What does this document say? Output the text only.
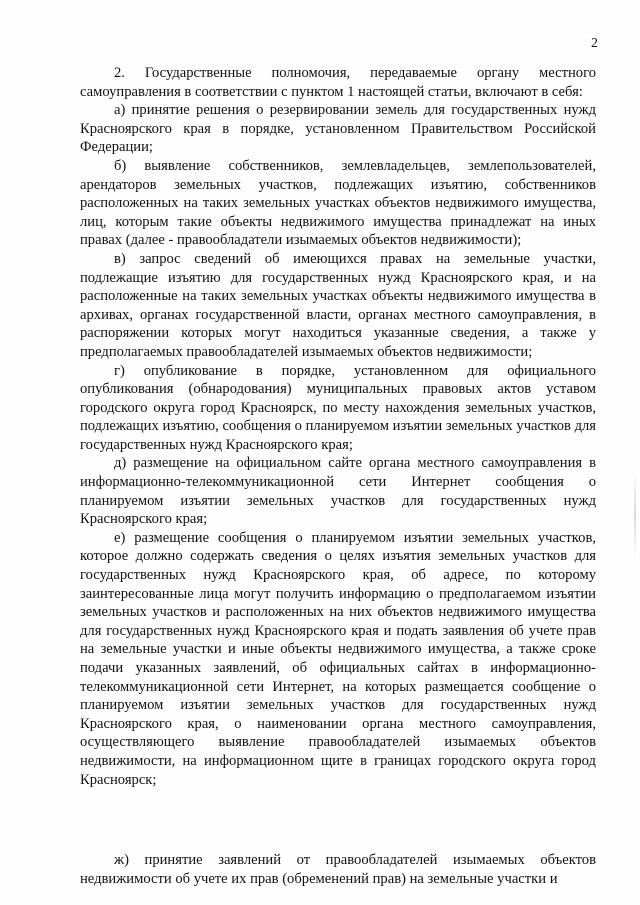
2

2. Государственные полномочия, передаваемые органу местного самоуправления в соответствии с пунктом 1 настоящей статьи, включают в себя:

а) принятие решения о резервировании земель для государственных нужд Красноярского края в порядке, установленном Правительством Российской Федерации;

б) выявление собственников, землевладельцев, землепользователей, арендаторов земельных участков, подлежащих изъятию, собственников расположенных на таких земельных участках объектов недвижимого имущества, лиц, которым такие объекты недвижимого имущества принадлежат на иных правах (далее - правообладатели изымаемых объектов недвижимости);

в) запрос сведений об имеющихся правах на земельные участки, подлежащие изъятию для государственных нужд Красноярского края, и на расположенные на таких земельных участках объекты недвижимого имущества в архивах, органах государственной власти, органах местного самоуправления, в распоряжении которых могут находиться указанные сведения, а также у предполагаемых правообладателей изымаемых объектов недвижимости;

г) опубликование в порядке, установленном для официального опубликования (обнародования) муниципальных правовых актов уставом городского округа город Красноярск, по месту нахождения земельных участков, подлежащих изъятию, сообщения о планируемом изъятии земельных участков для государственных нужд Красноярского края;

д) размещение на официальном сайте органа местного самоуправления в информационно-телекоммуникационной сети Интернет сообщения о планируемом изъятии земельных участков для государственных нужд Красноярского края;

е) размещение сообщения о планируемом изъятии земельных участков, которое должно содержать сведения о целях изъятия земельных участков для государственных нужд Красноярского края, об адресе, по которому заинтересованные лица могут получить информацию о предполагаемом изъятии земельных участков и расположенных на них объектов недвижимого имущества для государственных нужд Красноярского края и подать заявления об учете прав на земельные участки и иные объекты недвижимого имущества, а также сроке подачи указанных заявлений, об официальных сайтах в информационно-телекоммуникационной сети Интернет, на которых размещается сообщение о планируемом изъятии земельных участков для государственных нужд Красноярского края, о наименовании органа местного самоуправления, осуществляющего выявление правообладателей изымаемых объектов недвижимости, на информационном щите в границах городского округа город Красноярск;

ж) принятие заявлений от правообладателей изымаемых объектов недвижимости об учете их прав (обременений прав) на земельные участки и
